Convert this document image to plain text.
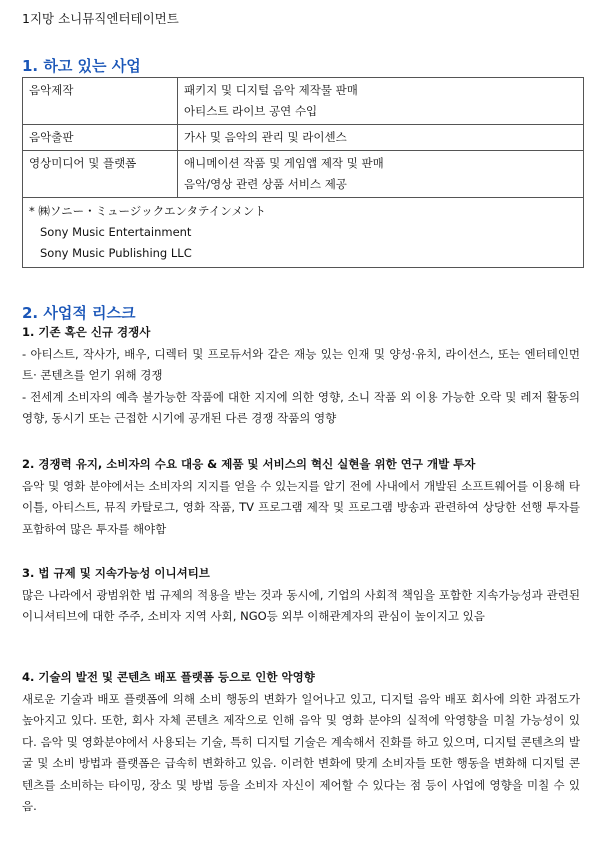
1지망 소니뮤직엔터테이먼트
1. 하고 있는 사업
음악제작	패키지 및 디지털 음악 제작물 판매
아티스트 라이브 공연 수입

음악출판	가사 및 음악의 관리 및 라이센스

영상미디어 및 플랫폼	애니메이션 작품 및 게임앱 제작 및 판매
음악/영상 관련 상품 서비스 제공

* ㈱ソニー・ミュージックエンタテインメント
Sony Music Entertainment
Sony Music Publishing LLC	
2. 사업적 리스크
1. 기존 혹은 신규 경쟁사

- 아티스트, 작사가, 배우, 디렉터 및 프로듀서와 같은 재능 있는 인재 및 양성·유치, 라이선스, 또는 엔터테인먼트· 콘텐츠를 얻기 위해 경쟁

- 전세계 소비자의 예측 불가능한 작품에 대한 지지에 의한 영향, 소니 작품 외 이용 가능한 오락 및 레저 활동의 영향, 동시기 또는 근접한 시기에 공개된 다른 경쟁 작품의 영향

2. 경쟁력 유지, 소비자의 수요 대응 & 제품 및 서비스의 혁신 실현을 위한 연구 개발 투자

음악 및 영화 분야에서는 소비자의 지지를 얻을 수 있는지를 알기 전에 사내에서 개발된 소프트웨어를 이용해 타이틀, 아티스트, 뮤직 카탈로그, 영화 작품, TV 프로그램 제작 및 프로그램 방송과 관련하여 상당한 선행 투자를 포함하여 많은 투자를 해야함

3. 법 규제 및 지속가능성 이니셔티브

많은 나라에서 광범위한 법 규제의 적용을 받는 것과 동시에, 기업의 사회적 책임을 포함한 지속가능성과 관련된 이니셔티브에 대한 주주, 소비자 지역 사회, NGO등 외부 이해관계자의 관심이 높이지고 있음

4. 기술의 발전 및 콘텐츠 배포 플랫폼 등으로 인한 악영향

새로운 기술과 배포 플랫폼에 의해 소비 행동의 변화가 일어나고 있고, 디지털 음악 배포 회사에 의한 과점도가 높아지고 있다. 또한, 회사 자체 콘텐츠 제작으로 인해 음악 및 영화 분야의 실적에 악영향을 미칠 가능성이 있다. 음악 및 영화분야에서 사용되는 기술, 특히 디지털 기술은 계속해서 진화를 하고 있으며, 디지털 콘텐츠의 발굴 및 소비 방법과 플랫폼은 급속히 변화하고 있음. 이러한 변화에 맞게 소비자들 또한 행동을 변화해 디지털 콘텐츠를 소비하는 타이밍, 장소 및 방법 등을 소비자 자신이 제어할 수 있다는 점 등이 사업에 영향을 미칠 수 있음.
